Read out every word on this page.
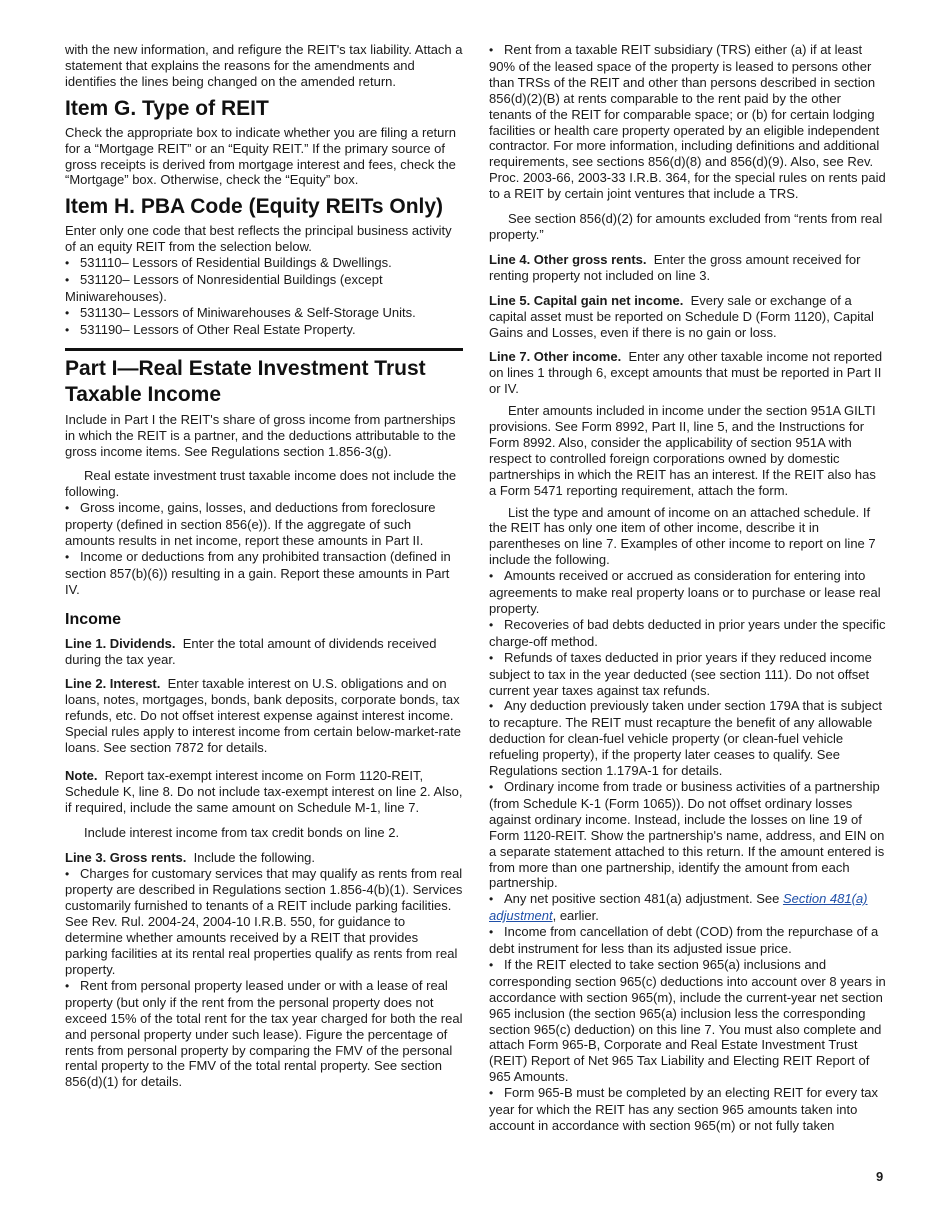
with the new information, and refigure the REIT's tax liability. Attach a statement that explains the reasons for the amendments and identifies the lines being changed on the amended return.

Item G. Type of REIT

Check the appropriate box to indicate whether you are filing a return for a “Mortgage REIT” or an “Equity REIT.” If the primary source of gross receipts is derived from mortgage interest and fees, check the “Mortgage” box. Otherwise, check the “Equity” box.

Item H. PBA Code (Equity REITs Only)

Enter only one code that best reflects the principal business activity of an equity REIT from the selection below.

• 531110– Lessors of Residential Buildings & Dwellings.

• 531120– Lessors of Nonresidential Buildings (except Miniwarehouses).

• 531130– Lessors of Miniwarehouses & Self-Storage Units.

• 531190– Lessors of Other Real Estate Property.

Part I—Real Estate Investment Trust Taxable Income

Include in Part I the REIT's share of gross income from partnerships in which the REIT is a partner, and the deductions attributable to the gross income items. See Regulations section 1.856-3(g).

Real estate investment trust taxable income does not include the following.

• Gross income, gains, losses, and deductions from foreclosure property (defined in section 856(e)). If the aggregate of such amounts results in net income, report these amounts in Part II.

• Income or deductions from any prohibited transaction (defined in section 857(b)(6)) resulting in a gain. Report these amounts in Part IV.

Income

Line 1. Dividends. Enter the total amount of dividends received during the tax year.

Line 2. Interest. Enter taxable interest on U.S. obligations and on loans, notes, mortgages, bonds, bank deposits, corporate bonds, tax refunds, etc. Do not offset interest expense against interest income. Special rules apply to interest income from certain below-market-rate loans. See section 7872 for details.

Note. Report tax-exempt interest income on Form 1120-REIT, Schedule K, line 8. Do not include tax-exempt interest on line 2. Also, if required, include the same amount on Schedule M-1, line 7.

Include interest income from tax credit bonds on line 2.

Line 3. Gross rents. Include the following.

• Charges for customary services that may qualify as rents from real property are described in Regulations section 1.856-4(b)(1). Services customarily furnished to tenants of a REIT include parking facilities. See Rev. Rul. 2004-24, 2004-10 I.R.B. 550, for guidance to determine whether amounts received by a REIT that provides parking facilities at its rental real properties qualify as rents from real property.

• Rent from personal property leased under or with a lease of real property (but only if the rent from the personal property does not exceed 15% of the total rent for the tax year charged for both the real and personal property under such lease). Figure the percentage of rents from personal property by comparing the FMV of the personal rental property to the FMV of the total rental property. See section 856(d)(1) for details.

• Rent from a taxable REIT subsidiary (TRS) either (a) if at least 90% of the leased space of the property is leased to persons other than TRSs of the REIT and other than persons described in section 856(d)(2)(B) at rents comparable to the rent paid by the other tenants of the REIT for comparable space; or (b) for certain lodging facilities or health care property operated by an eligible independent contractor. For more information, including definitions and additional requirements, see sections 856(d)(8) and 856(d)(9). Also, see Rev. Proc. 2003-66, 2003-33 I.R.B. 364, for the special rules on rents paid to a REIT by certain joint ventures that include a TRS.

See section 856(d)(2) for amounts excluded from “rents from real property.”

Line 4. Other gross rents. Enter the gross amount received for renting property not included on line 3.

Line 5. Capital gain net income. Every sale or exchange of a capital asset must be reported on Schedule D (Form 1120), Capital Gains and Losses, even if there is no gain or loss.

Line 7. Other income. Enter any other taxable income not reported on lines 1 through 6, except amounts that must be reported in Part II or IV.

Enter amounts included in income under the section 951A GILTI provisions. See Form 8992, Part II, line 5, and the Instructions for Form 8992. Also, consider the applicability of section 951A with respect to controlled foreign corporations owned by domestic partnerships in which the REIT has an interest. If the REIT also has a Form 5471 reporting requirement, attach the form.

List the type and amount of income on an attached schedule. If the REIT has only one item of other income, describe it in parentheses on line 7. Examples of other income to report on line 7 include the following.

• Amounts received or accrued as consideration for entering into agreements to make real property loans or to purchase or lease real property.

• Recoveries of bad debts deducted in prior years under the specific charge-off method.

• Refunds of taxes deducted in prior years if they reduced income subject to tax in the year deducted (see section 111). Do not offset current year taxes against tax refunds.

• Any deduction previously taken under section 179A that is subject to recapture. The REIT must recapture the benefit of any allowable deduction for clean-fuel vehicle property (or clean-fuel vehicle refueling property), if the property later ceases to qualify. See Regulations section 1.179A-1 for details.

• Ordinary income from trade or business activities of a partnership (from Schedule K-1 (Form 1065)). Do not offset ordinary losses against ordinary income. Instead, include the losses on line 19 of Form 1120-REIT. Show the partnership's name, address, and EIN on a separate statement attached to this return. If the amount entered is from more than one partnership, identify the amount from each partnership.

• Any net positive section 481(a) adjustment. See Section 481(a) adjustment, earlier.

• Income from cancellation of debt (COD) from the repurchase of a debt instrument for less than its adjusted issue price.

• If the REIT elected to take section 965(a) inclusions and corresponding section 965(c) deductions into account over 8 years in accordance with section 965(m), include the current-year net section 965 inclusion (the section 965(a) inclusion less the corresponding section 965(c) deduction) on this line 7. You must also complete and attach Form 965-B, Corporate and Real Estate Investment Trust (REIT) Report of Net 965 Tax Liability and Electing REIT Report of 965 Amounts.

• Form 965-B must be completed by an electing REIT for every tax year for which the REIT has any section 965 amounts taken into account in accordance with section 965(m) or not fully taken

9
